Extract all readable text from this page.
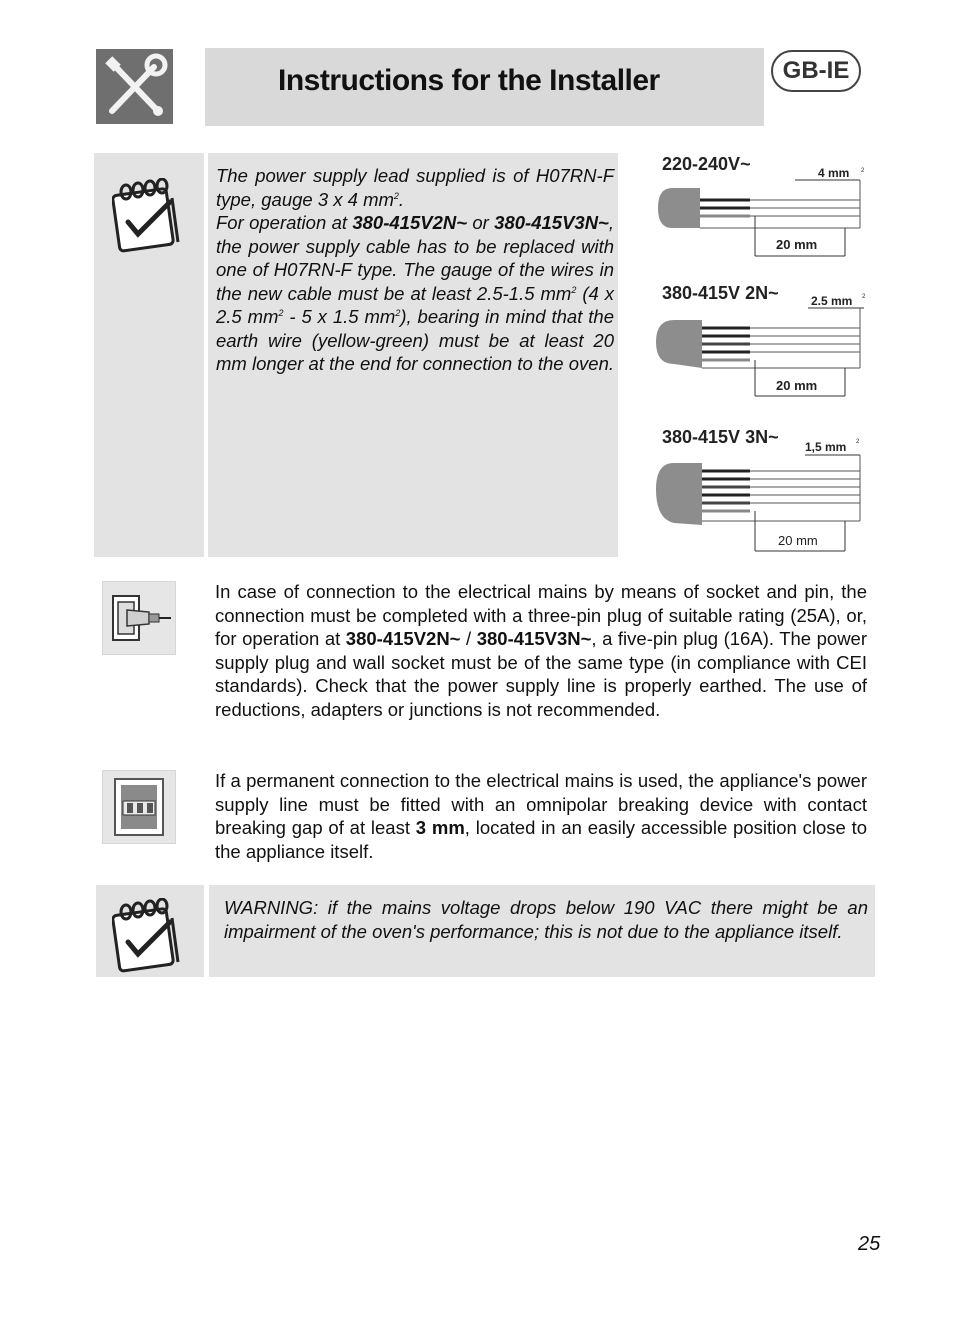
Instructions for the Installer	GB-IE
The power supply lead supplied is of H07RN-F type, gauge 3 x 4 $mm^2$.
For operation at 380-415V2N~ or 380-415V3N~, the power supply cable has to be replaced with one of H07RN-F type. The gauge of the wires in the new cable must be at least 2.5-1.5 $mm^2$ (4 x 2.5 $mm^2 - 5$ x 1.5 $mm^2$), bearing in mind that the earth wire (yellow-green) must be at least 20 mm longer at the end for connection to the oven.
220-240V~	4 mm 2
20 mm
380-415V 2N~	2.5 mm 2
20 mm
380-415V 3N~ 1,5 mm 2
20 mm
In case of connection to the electrical mains by means of socket and pin, the connection must be completed with a three-pin plug of suitable rating (25A), or, for operation at 380-415V2N~ / 380-415V3N~, a five-pin plug (16A). The power supply plug and wall socket must be of the same type (in compliance with CEI standards). Check that the power supply line is properly earthed. The use of reductions, adapters or junctions is not recommended.
If a permanent connection to the electrical mains is used, the appliance's power supply line must be fitted with an omnipolar breaking device with contact breaking gap of at least 3 mm, located in an easily accessible position close to the appliance itself.
WARNING: if the mains voltage drops below 190 VAC there might be an impairment of the oven's performance; this is not due to the appliance itself.
25
